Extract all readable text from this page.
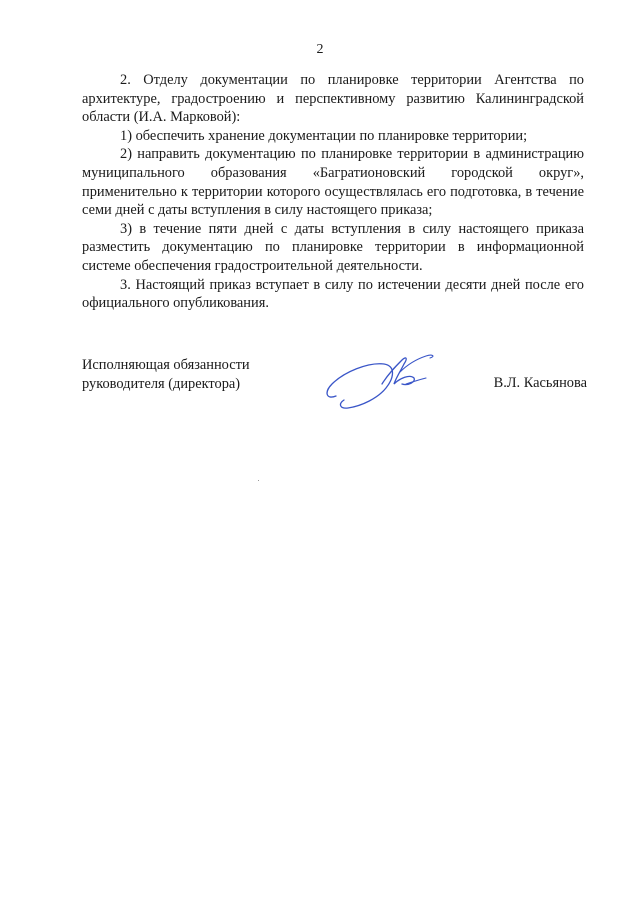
2

2. Отделу документации по планировке территории Агентства по архитектуре, градостроению и перспективному развитию Калининградской области (И.А. Марковой):

1) обеспечить хранение документации по планировке территории;

2) направить документацию по планировке территории в администрацию муниципального образования «Багратионовский городской округ», применительно к территории которого осуществлялась его подготовка, в течение семи дней с даты вступления в силу настоящего приказа;

3) в течение пяти дней с даты вступления в силу настоящего приказа разместить документацию по планировке территории в информационной системе обеспечения градостроительной деятельности.

3. Настоящий приказ вступает в силу по истечении десяти дней после его официального опубликования.

Исполняющая обязанности
руководителя (директора)	В.Л. Касьянова
